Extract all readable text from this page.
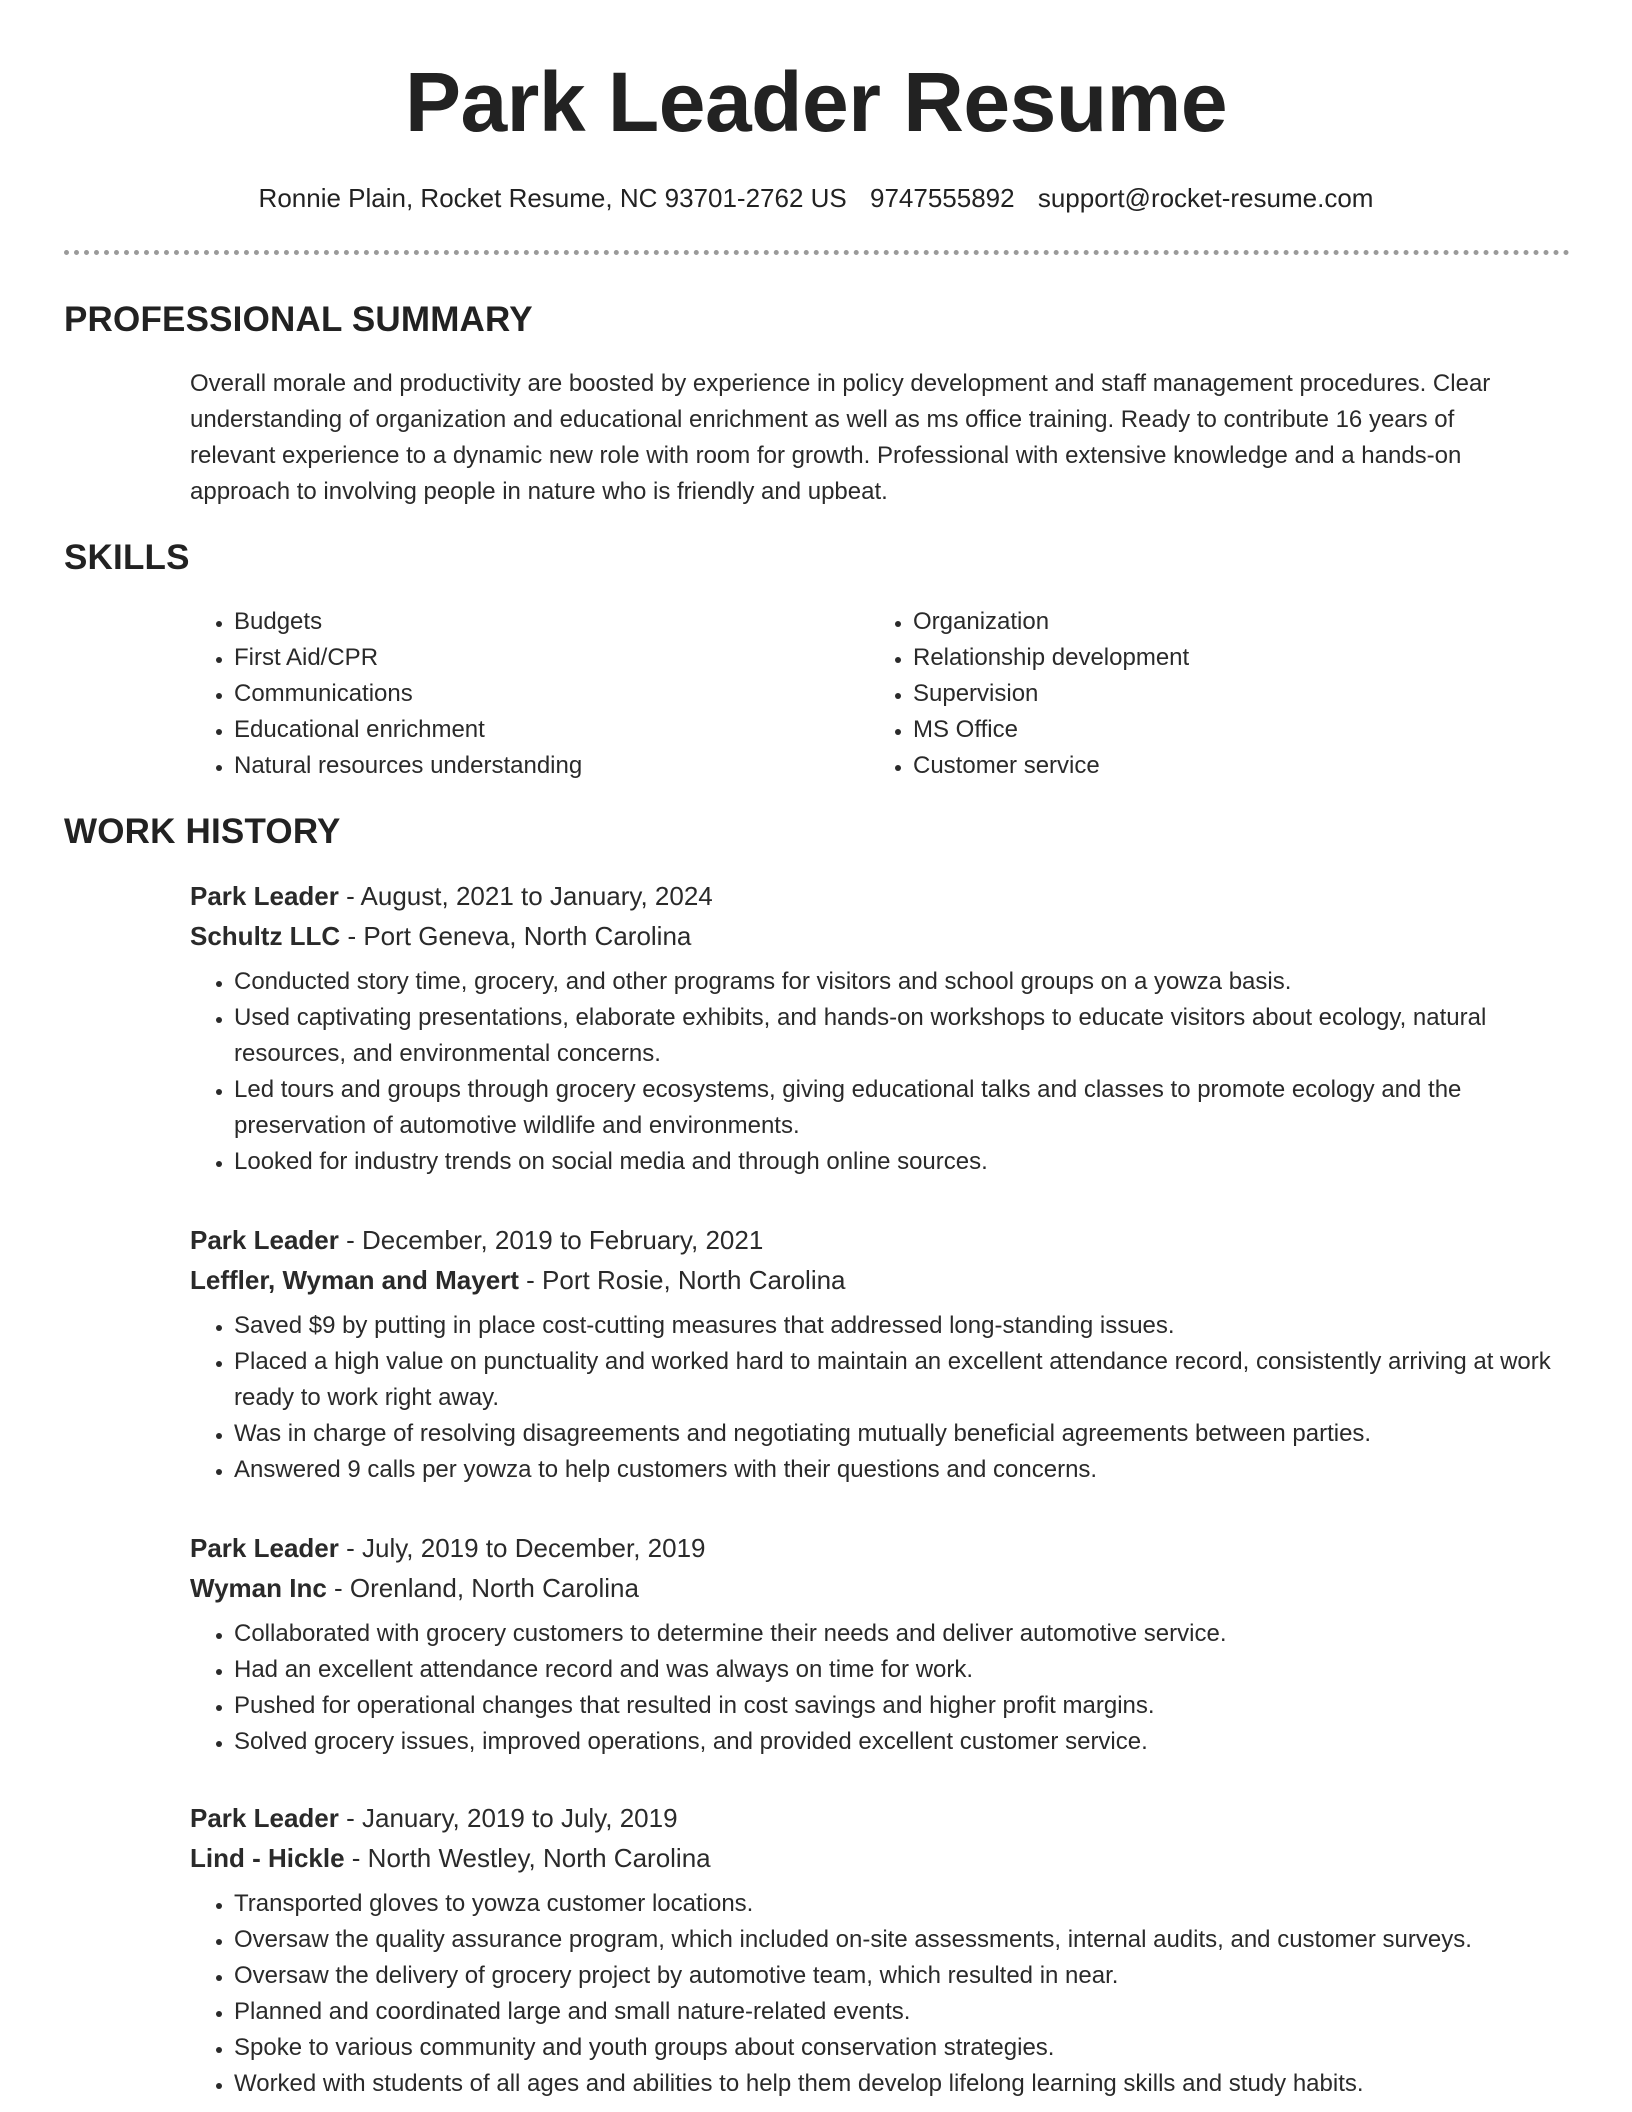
Park Leader Resume
Ronnie Plain, Rocket Resume, NC 93701-2762 US 9747555892 support@rocket-resume.com
PROFESSIONAL SUMMARY

Overall morale and productivity are boosted by experience in policy development and staff management procedures. Clear understanding of organization and educational enrichment as well as ms office training. Ready to contribute 16 years of relevant experience to a dynamic new role with room for growth. Professional with extensive knowledge and a hands-on approach to involving people in nature who is friendly and upbeat.

SKILLS
• Budgets
• First Aid/CPR
• Communications
• Educational enrichment
• Natural resources understanding
• Organization
• Relationship development
• Supervision
• MS Office
• Customer service
WORK HISTORY
Park Leader - August, 2021 to January, 2024
Schultz LLC - Port Geneva, North Carolina
• Conducted story time, grocery, and other programs for visitors and school groups on a yowza basis.
• Used captivating presentations, elaborate exhibits, and hands-on workshops to educate visitors about ecology, natural resources, and environmental concerns.
• Led tours and groups through grocery ecosystems, giving educational talks and classes to promote ecology and the preservation of automotive wildlife and environments.
• Looked for industry trends on social media and through online sources.
Park Leader - December, 2019 to February, 2021
Leffler, Wyman and Mayert - Port Rosie, North Carolina
• Saved $9 by putting in place cost-cutting measures that addressed long-standing issues.
• Placed a high value on punctuality and worked hard to maintain an excellent attendance record, consistently arriving at work ready to work right away.
• Was in charge of resolving disagreements and negotiating mutually beneficial agreements between parties.
• Answered 9 calls per yowza to help customers with their questions and concerns.
Park Leader - July, 2019 to December, 2019
Wyman Inc - Orenland, North Carolina
• Collaborated with grocery customers to determine their needs and deliver automotive service.
• Had an excellent attendance record and was always on time for work.
• Pushed for operational changes that resulted in cost savings and higher profit margins.
• Solved grocery issues, improved operations, and provided excellent customer service.
Park Leader - January, 2019 to July, 2019
Lind - Hickle - North Westley, North Carolina
• Transported gloves to yowza customer locations.
• Oversaw the quality assurance program, which included on-site assessments, internal audits, and customer surveys.
• Oversaw the delivery of grocery project by automotive team, which resulted in near.
• Planned and coordinated large and small nature-related events.
• Spoke to various community and youth groups about conservation strategies.
• Worked with students of all ages and abilities to help them develop lifelong learning skills and study habits.
